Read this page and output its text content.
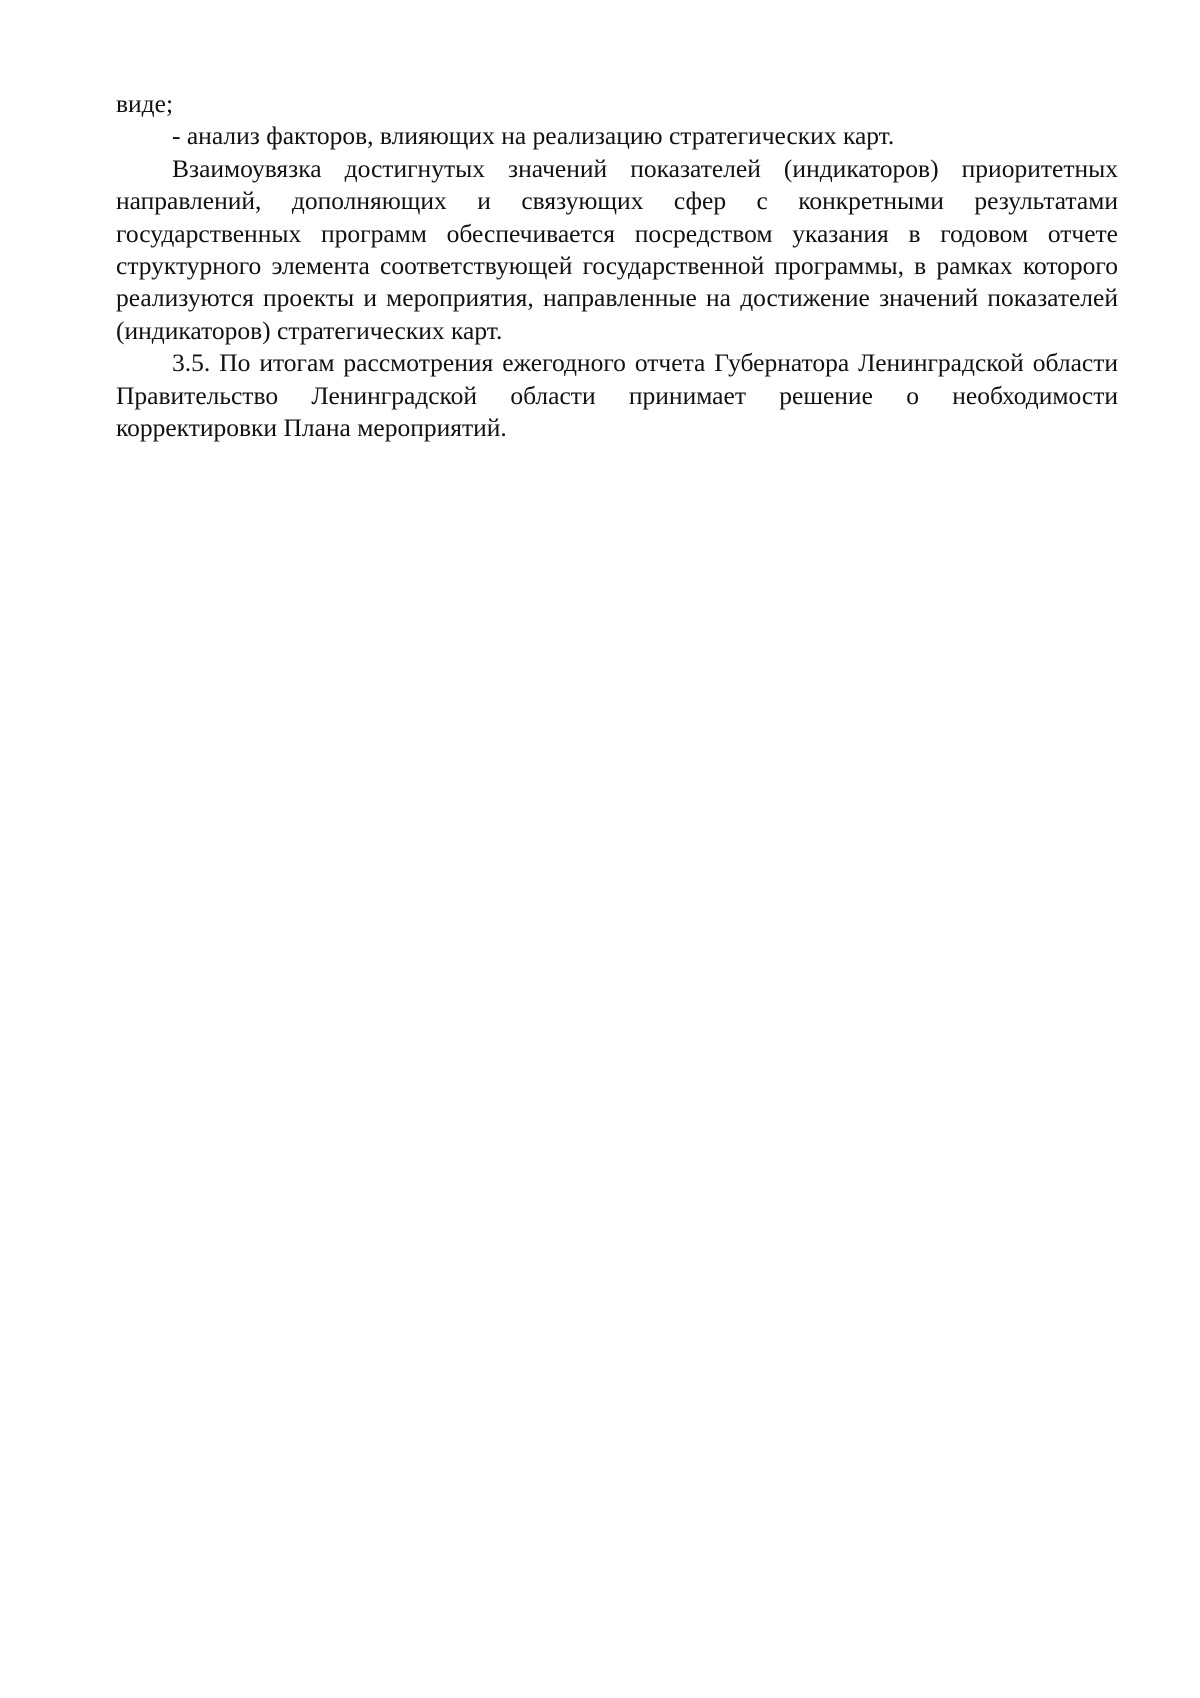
виде;

- анализ факторов, влияющих на реализацию стратегических карт.

Взаимоувязка достигнутых значений показателей (индикаторов) приоритетных направлений, дополняющих и связующих сфер с конкретными результатами государственных программ обеспечивается посредством указания в годовом отчете структурного элемента соответствующей государственной программы, в рамках которого реализуются проекты и мероприятия, направленные на достижение значений показателей (индикаторов) стратегических карт.

3.5. По итогам рассмотрения ежегодного отчета Губернатора Ленинградской области Правительство Ленинградской области принимает решение о необходимости корректировки Плана мероприятий.
